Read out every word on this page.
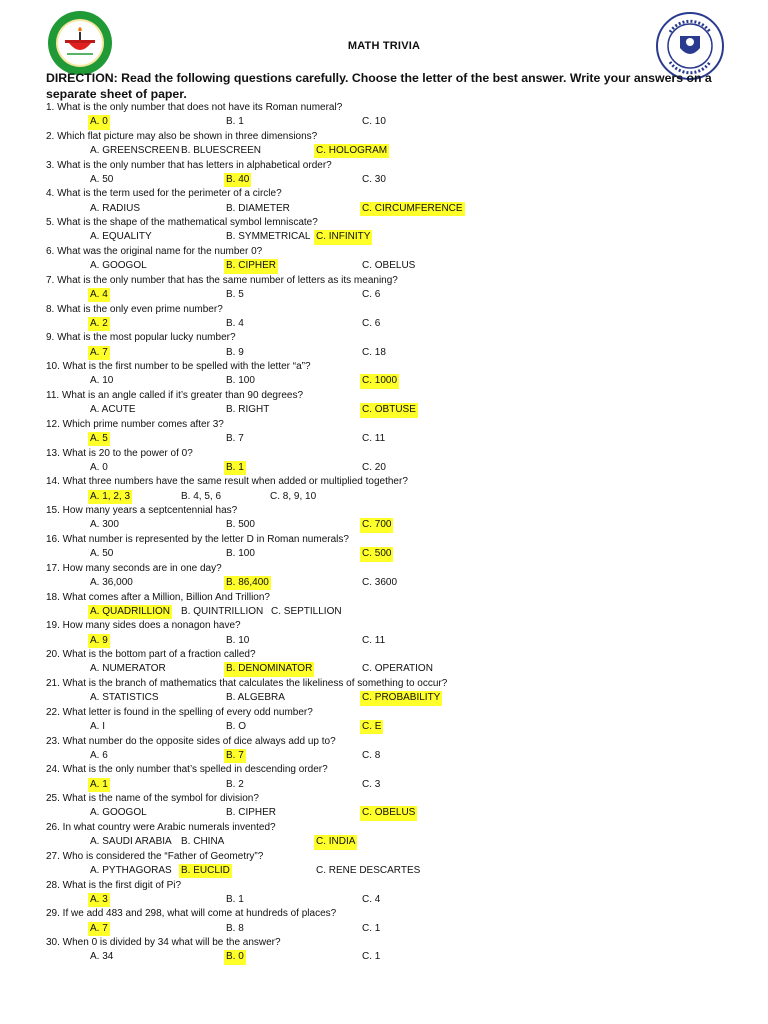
MATH TRIVIA
DIRECTION: Read the following questions carefully. Choose the letter of the best answer. Write your answers on a separate sheet of paper.
1. What is the only number that does not have its Roman numeral?
A. 0	B. 1	C. 10
2. Which flat picture may also be shown in three dimensions?
A. GREENSCREEN B. BLUESCREEN	C. HOLOGRAM
3. What is the only number that has letters in alphabetical order?
A. 50	B. 40	C. 30
4. What is the term used for the perimeter of a circle?
A. RADIUS	B. DIAMETER	C. CIRCUMFERENCE
5. What is the shape of the mathematical symbol lemniscate?
A. EQUALITY	B. SYMMETRICAL C. INFINITY
6. What was the original name for the number 0?
A. GOOGOL	B. CIPHER	C. OBELUS
7. What is the only number that has the same number of letters as its meaning?
A. 4	B. 5	C. 6
8. What is the only even prime number?
A. 2	B. 4	C. 6
9. What is the most popular lucky number?
A. 7	B. 9	C. 18
10. What is the first number to be spelled with the letter “a”?
A. 10	B. 100	C. 1000
11. What is an angle called if it’s greater than 90 degrees?
A. ACUTE	B. RIGHT	C. OBTUSE
12. Which prime number comes after 3?
A. 5	B. 7	C. 11
13. What is 20 to the power of 0?
A. 0	B. 1	C. 20
14. What three numbers have the same result when added or multiplied together?
A. 1, 2, 3	B. 4, 5, 6	C. 8, 9, 10
15. How many years a septcentennial has?
A. 300	B. 500	C. 700
16. What number is represented by the letter D in Roman numerals?
A. 50	B. 100	C. 500
17. How many seconds are in one day?
A. 36,000	B. 86,400	C. 3600
18. What comes after a Million, Billion And Trillion?
A. QUADRILLION B. QUINTRILLION C. SEPTILLION
19. How many sides does a nonagon have?
A. 9	B. 10	C. 11
20. What is the bottom part of a fraction called?
A. NUMERATOR	B. DENOMINATOR	C. OPERATION
21. What is the branch of mathematics that calculates the likeliness of something to occur?
A. STATISTICS	B. ALGEBRA	C. PROBABILITY
22. What letter is found in the spelling of every odd number?
A. I	B. O	C. E
23. What number do the opposite sides of dice always add up to?
A. 6	B. 7	C. 8
24. What is the only number that’s spelled in descending order?
A. 1	B. 2	C. 3
25. What is the name of the symbol for division?
A. GOOGOL	B. CIPHER	C. OBELUS
26. In what country were Arabic numerals invented?
A. SAUDI ARABIA B. CHINA	C. INDIA
27. Who is considered the “Father of Geometry”?
A. PYTHAGORAS B. EUCLID	C. RENE DESCARTES
28. What is the first digit of Pi?
A. 3	B. 1	C. 4
29. If we add 483 and 298, what will come at hundreds of places?
A. 7	B. 8	C. 1
30. When 0 is divided by 34 what will be the answer?
A. 34	B. 0	C. 1
